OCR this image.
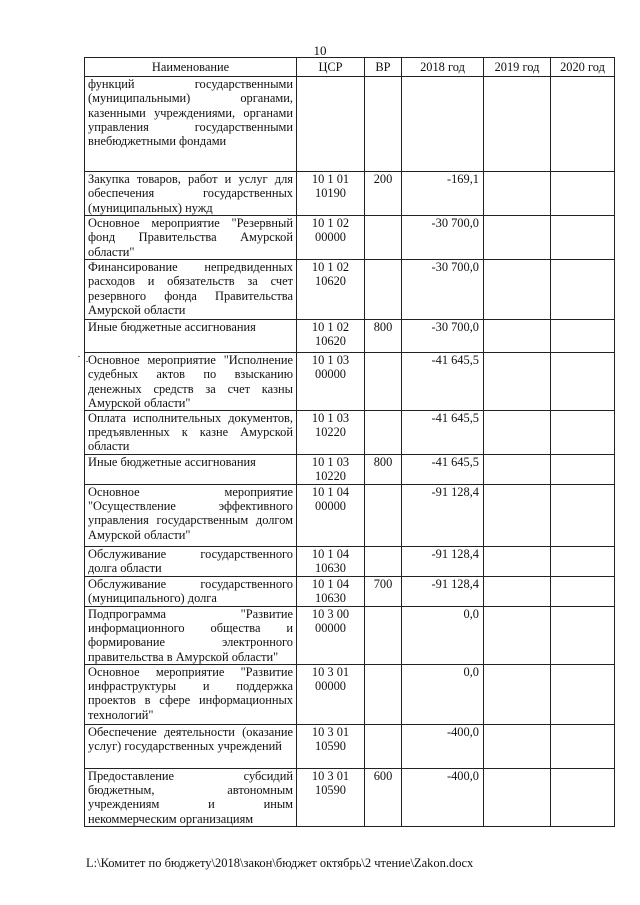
10
Наименование	ЦСР	ВР	2018 год	2019 год	2020 год
функций государственными (муниципальными) органами, казенными учреждениями, органами управления государственными внебюджетными фондами					
Закупка товаров, работ и услуг для обеспечения государственных (муниципальных) нужд	10 1 01 10190	200	-169,1		
Основное мероприятие "Резервный фонд Правительства Амурской области"	10 1 02 00000		-30 700,0		
Финансирование непредвиденных расходов и обязательств за счет резервного фонда Правительства Амурской области	10 1 02 10620		-30 700,0		
Иные бюджетные ассигнования	10 1 02 10620	800	-30 700,0		
Основное мероприятие "Исполнение судебных актов по взысканию денежных средств за счет казны Амурской области"	10 1 03 00000		-41 645,5		
Оплата исполнительных документов, предъявленных к казне Амурской области	10 1 03 10220		-41 645,5		
Иные бюджетные ассигнования	10 1 03 10220	800	-41 645,5		
Основное мероприятие "Осуществление эффективного управления государственным долгом Амурской области"	10 1 04 00000		-91 128,4		
Обслуживание государственного долга области	10 1 04 10630		-91 128,4		
Обслуживание государственного (муниципального) долга	10 1 04 10630	700	-91 128,4		
Подпрограмма "Развитие информационного общества и формирование электронного правительства в Амурской области"	10 3 00 00000		0,0		
Основное мероприятие "Развитие инфраструктуры и поддержка проектов в сфере информационных технологий"	10 3 01 00000		0,0		
Обеспечение деятельности (оказание услуг) государственных учреждений	10 3 01 10590		-400,0		
Предоставление субсидий бюджетным, автономным учреждениям и иным некоммерческим организациям	10 3 01 10590	600	-400,0		
L:\Комитет по бюджету\2018\закон\бюджет октябрь\2 чтение\Zakon.docx
